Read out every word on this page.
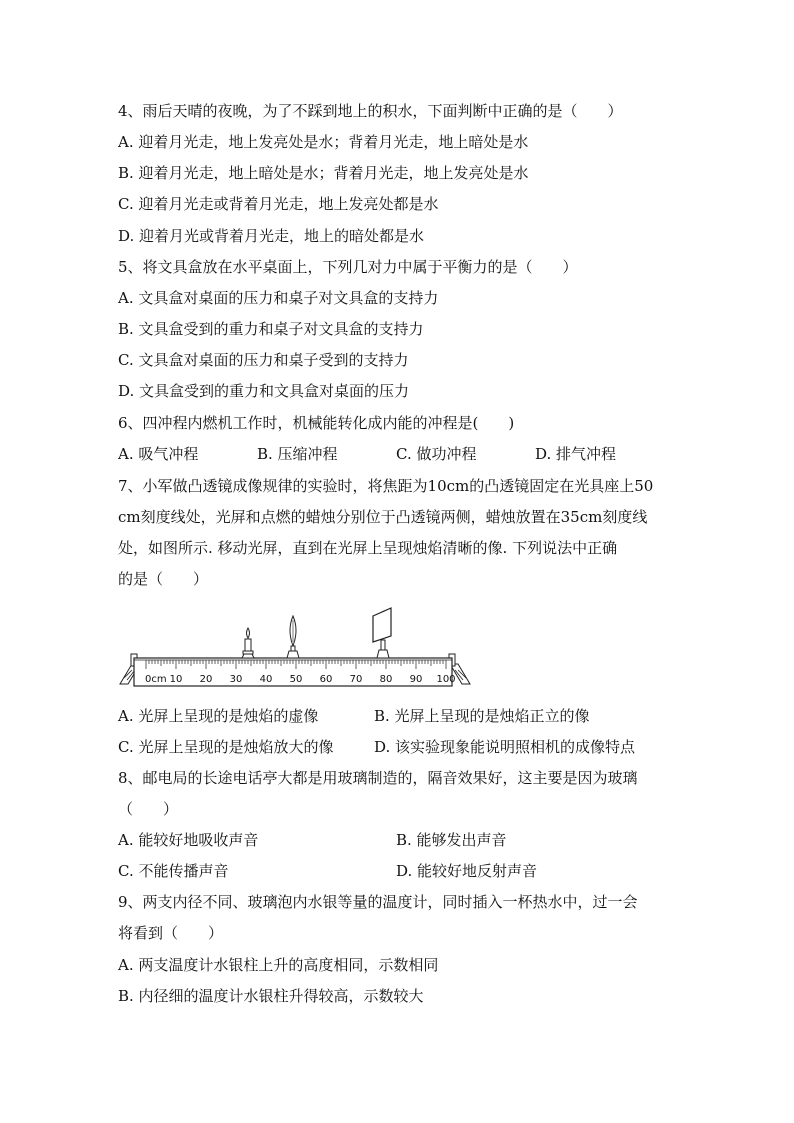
4、雨后天晴的夜晚，为了不踩到地上的积水，下面判断中正确的是（　　）
A. 迎着月光走，地上发亮处是水；背着月光走，地上暗处是水
B. 迎着月光走，地上暗处是水；背着月光走，地上发亮处是水
C. 迎着月光走或背着月光走，地上发亮处都是水
D. 迎着月光或背着月光走，地上的暗处都是水
5、将文具盒放在水平桌面上，下列几对力中属于平衡力的是（　　）
A. 文具盒对桌面的压力和桌子对文具盒的支持力
B. 文具盒受到的重力和桌子对文具盒的支持力
C. 文具盒对桌面的压力和桌子受到的支持力
D. 文具盒受到的重力和文具盒对桌面的压力
6、四冲程内燃机工作时，机械能转化成内能的冲程是(　　)
A. 吸气冲程	B. 压缩冲程	C. 做功冲程	D. 排气冲程
7、小军做凸透镜成像规律的实验时，将焦距为10cm的凸透镜固定在光具座上50
cm刻度线处，光屏和点燃的蜡烛分别位于凸透镜两侧，蜡烛放置在35cm刻度线
处，如图所示. 移动光屏，直到在光屏上呈现烛焰清晰的像. 下列说法中正确
的是（　　）
0cm 10 20 30 40 50 60 70 80 90 100
A. 光屏上呈现的是烛焰的虚像	B. 光屏上呈现的是烛焰正立的像
C. 光屏上呈现的是烛焰放大的像	D. 该实验现象能说明照相机的成像特点
8、邮电局的长途电话亭大都是用玻璃制造的，隔音效果好，这主要是因为玻璃
（　　）
A. 能较好地吸收声音	B. 能够发出声音
C. 不能传播声音	D. 能较好地反射声音
9、两支内径不同、玻璃泡内水银等量的温度计，同时插入一杯热水中，过一会
将看到（　　）
A. 两支温度计水银柱上升的高度相同，示数相同
B. 内径细的温度计水银柱升得较高，示数较大
